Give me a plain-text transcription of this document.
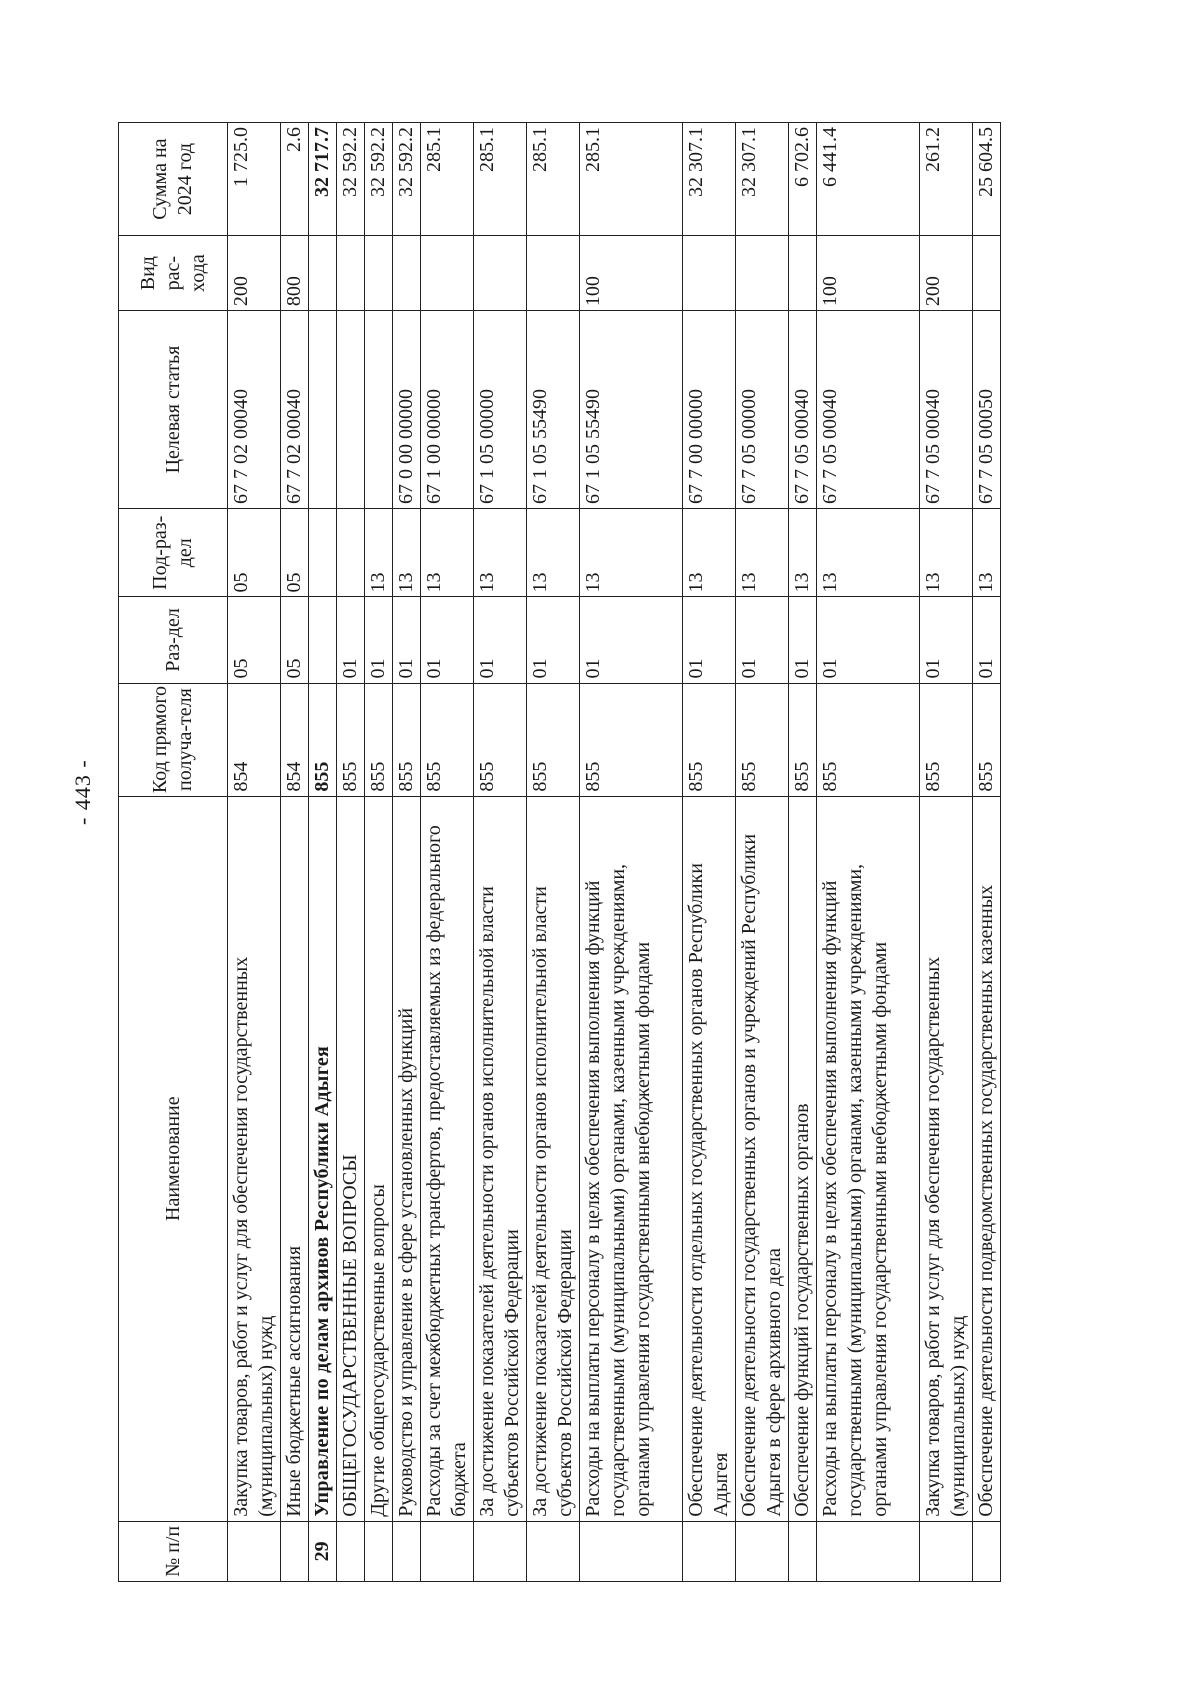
- 443 -
№ п/п	Наименование	Код прямого получа-теля	Раз-дел	Под-раз-дел	Целевая статья	Вид рас-хода	Сумма на 2024 год
	Закупка товаров, работ и услуг для обеспечения государственных (муниципальных) нужд	854	05	05	67 7 02 00040	200	1 725.0
	Иные бюджетные ассигнования	854	05	05	67 7 02 00040	800	2.6
29	Управление по делам архивов Республики Адыгея	855					32 717.7
	ОБЩЕГОСУДАРСТВЕННЫЕ ВОПРОСЫ	855	01				32 592.2
	Другие общегосударственные вопросы	855	01	13			32 592.2
	Руководство и управление в сфере установленных функций	855	01	13	67 0 00 00000		32 592.2
	Расходы за счет межбюджетных трансфертов, предоставляемых из федерального бюджета	855	01	13	67 1 00 00000		285.1
	За достижение показателей деятельности органов исполнительной власти субъектов Российской Федерации	855	01	13	67 1 05 00000		285.1
	За достижение показателей деятельности органов исполнительной власти субъектов Российской Федерации	855	01	13	67 1 05 55490		285.1
	Расходы на выплаты персоналу в целях обеспечения выполнения функций государственными (муниципальными) органами, казенными учреждениями, органами управления государственными внебюджетными фондами	855	01	13	67 1 05 55490	100	285.1
	Обеспечение деятельности отдельных государственных органов Республики Адыгея	855	01	13	67 7 00 00000		32 307.1
	Обеспечение деятельности государственных органов и учреждений Республики Адыгея в сфере архивного дела	855	01	13	67 7 05 00000		32 307.1
	Обеспечение функций государственных органов	855	01	13	67 7 05 00040		6 702.6
	Расходы на выплаты персоналу в целях обеспечения выполнения функций государственными (муниципальными) органами, казенными учреждениями, органами управления государственными внебюджетными фондами	855	01	13	67 7 05 00040	100	6 441.4
	Закупка товаров, работ и услуг для обеспечения государственных (муниципальных) нужд	855	01	13	67 7 05 00040	200	261.2
	Обеспечение деятельности подведомственных государственных казенных	855	01	13	67 7 05 00050		25 604.5
